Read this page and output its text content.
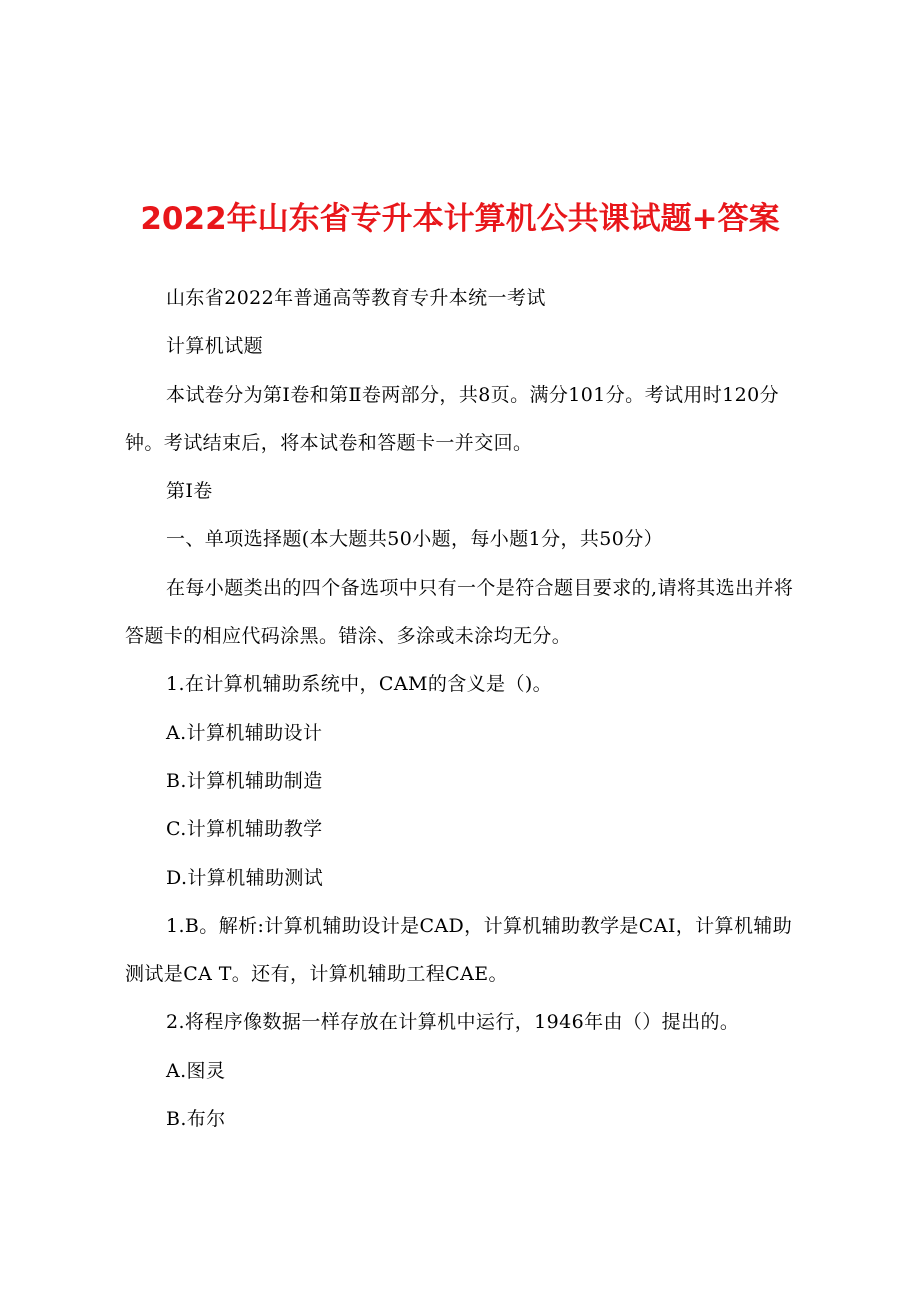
2022年山东省专升本计算机公共课试题+答案

山东省2022年普通高等教育专升本统一考试

计算机试题

本试卷分为第Ⅰ卷和第Ⅱ卷两部分，共8页。满分101分。考试用时120分钟。考试结束后，将本试卷和答题卡一并交回。

第Ⅰ卷

一、单项选择题(本大题共50小题，每小题1分，共50分）

在每小题类出的四个备选项中只有一个是符合题目要求的,请将其选出并将答题卡的相应代码涂黑。错涂、多涂或未涂均无分。

1.在计算机辅助系统中，CAM的含义是（)。

A.计算机辅助设计

B.计算机辅助制造

C.计算机辅助教学

D.计算机辅助测试

1.B。解析:计算机辅助设计是CAD，计算机辅助教学是CAI，计算机辅助测试是CA T。还有，计算机辅助工程CAE。

2.将程序像数据一样存放在计算机中运行，1946年由（）提出的。

A.图灵

B.布尔
